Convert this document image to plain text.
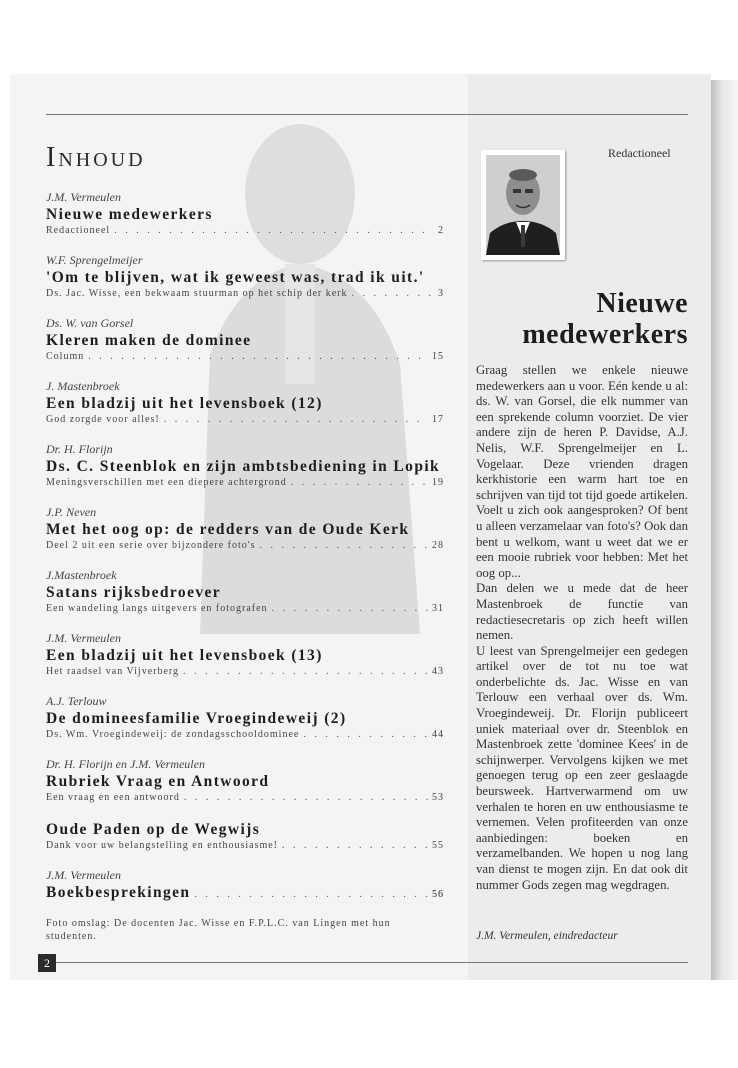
Inhoud
J.M. Vermeulen
Nieuwe medewerkers
Redactioneel . . .	2
W.F. Sprengelmeijer
'Om te blijven, wat ik geweest was, trad ik uit.'
Ds. Jac. Wisse, een bekwaam stuurman op het schip der kerk . . .	3
Ds. W. van Gorsel
Kleren maken de dominee
Column . . .	15
J. Mastenbroek
Een bladzij uit het levensboek (12)
God zorgde voor alles! . . .	17
Dr. H. Florijn
Ds. C. Steenblok en zijn ambtsbediening in Lopik
Meningsverschillen met een diepere achtergrond . . .	19
J.P. Neven
Met het oog op: de redders van de Oude Kerk
Deel 2 uit een serie over bijzondere foto's . . .	28
J.Mastenbroek
Satans rijksbedroever
Een wandeling langs uitgevers en fotografen . . .	31
J.M. Vermeulen
Een bladzij uit het levensboek (13)
Het raadsel van Vijverberg . . .	43
A.J. Terlouw
De domineesfamilie Vroegindeweij (2)
Ds. Wm. Vroegindeweij: de zondagsschooldominee . . .	44
Dr. H. Florijn en J.M. Vermeulen
Rubriek Vraag en Antwoord
Een vraag en een antwoord . . .	53
Oude Paden op de Wegwijs
Dank voor uw belangstelling en enthousiasme! . . .	55
J.M. Vermeulen
Boekbesprekingen . . .	56
Foto omslag: De docenten Jac. Wisse en F.P.L.C. van Lingen met hun studenten.
2
Redactioneel
Nieuwe
medewerkers

Graag stellen we enkele nieuwe medewerkers aan u voor. Eén kende u al: ds. W. van Gorsel, die elk nummer van een sprekende column voorziet. De vier andere zijn de heren P. Davidse, A.J. Nelis, W.F. Sprengelmeijer en L. Vogelaar. Deze vrienden dragen kerkhistorie een warm hart toe en schrijven van tijd tot tijd goede artikelen. Voelt u zich ook aangesproken? Of bent u alleen verzamelaar van foto's? Ook dan bent u welkom, want u weet dat we er een mooie rubriek voor hebben: Met het oog op...

Dan delen we u mede dat de heer Mastenbroek de functie van redactiesecretaris op zich heeft willen nemen.

U leest van Sprengelmeijer een gedegen artikel over de tot nu toe wat onderbelichte ds. Jac. Wisse en van Terlouw een verhaal over ds. Wm. Vroegindeweij. Dr. Florijn publiceert uniek materiaal over dr. Steenblok en Mastenbroek zette 'dominee Kees' in de schijnwerper. Vervolgens kijken we met genoegen terug op een zeer geslaagde beursweek. Hartverwarmend om uw verhalen te horen en uw enthousiasme te vernemen. Velen profiteerden van onze aanbiedingen: boeken en verzamelbanden. We hopen u nog lang van dienst te mogen zijn. En dat ook dit nummer Gods zegen mag wegdragen.

J.M. Vermeulen, eindredacteur
